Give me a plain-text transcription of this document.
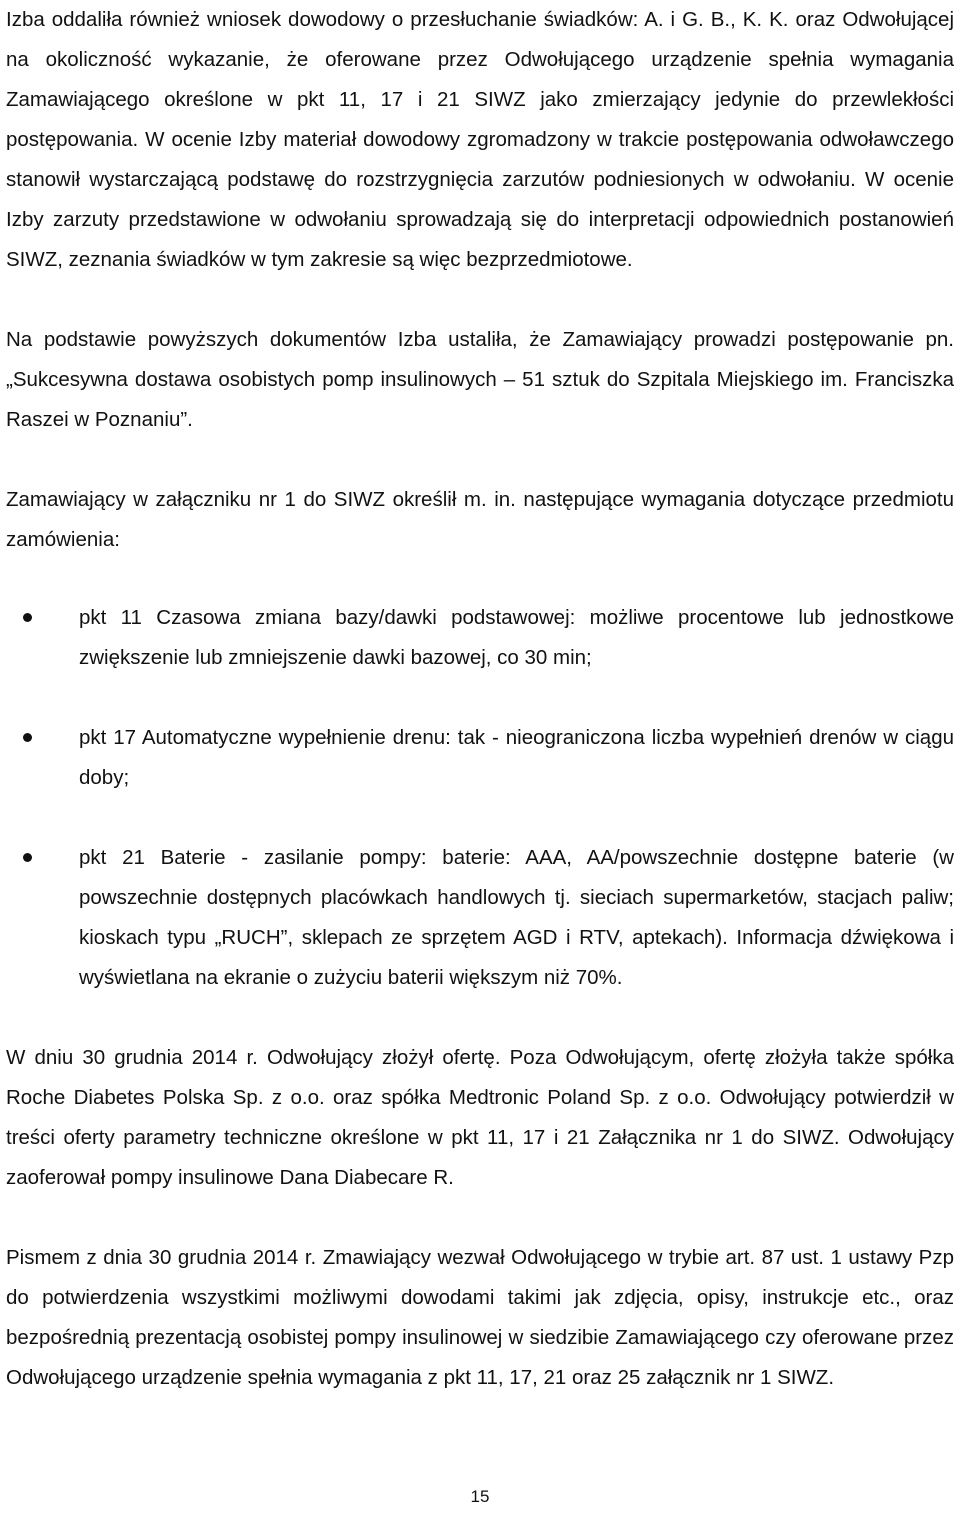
Izba oddaliła również wniosek dowodowy o przesłuchanie świadków: A. i G. B., K. K. oraz Odwołującej na okoliczność wykazanie, że oferowane przez Odwołującego urządzenie spełnia wymagania Zamawiającego określone w pkt 11, 17 i 21 SIWZ jako zmierzający jedynie do przewlekłości postępowania. W ocenie Izby materiał dowodowy zgromadzony w trakcie postępowania odwoławczego stanowił wystarczającą podstawę do rozstrzygnięcia zarzutów podniesionych w odwołaniu. W ocenie Izby zarzuty przedstawione w odwołaniu sprowadzają się do interpretacji odpowiednich postanowień SIWZ, zeznania świadków w tym zakresie są więc bezprzedmiotowe.

Na podstawie powyższych dokumentów Izba ustaliła, że Zamawiający prowadzi postępowanie pn. „Sukcesywna dostawa osobistych pomp insulinowych – 51 sztuk do Szpitala Miejskiego im. Franciszka Raszei w Poznaniu”.

Zamawiający w załączniku nr 1 do SIWZ określił m. in. następujące wymagania dotyczące przedmiotu zamówienia:

pkt 11 Czasowa zmiana bazy/dawki podstawowej: możliwe procentowe lub jednostkowe zwiększenie lub zmniejszenie dawki bazowej, co 30 min;
pkt 17 Automatyczne wypełnienie drenu: tak - nieograniczona liczba wypełnień drenów w ciągu doby;
pkt 21 Baterie - zasilanie pompy: baterie: AAA, AA/powszechnie dostępne baterie (w powszechnie dostępnych placówkach handlowych tj. sieciach supermarketów, stacjach paliw; kioskach typu „RUCH”, sklepach ze sprzętem AGD i RTV, aptekach). Informacja dźwiękowa i wyświetlana na ekranie o zużyciu baterii większym niż 70%.

W dniu 30 grudnia 2014 r. Odwołujący złożył ofertę. Poza Odwołującym, ofertę złożyła także spółka Roche Diabetes Polska Sp. z o.o. oraz spółka Medtronic Poland Sp. z o.o. Odwołujący potwierdził w treści oferty parametry techniczne określone w pkt 11, 17 i 21 Załącznika nr 1 do SIWZ. Odwołujący zaoferował pompy insulinowe Dana Diabecare R.

Pismem z dnia 30 grudnia 2014 r. Zmawiający wezwał Odwołującego w trybie art. 87 ust. 1 ustawy Pzp do potwierdzenia wszystkimi możliwymi dowodami takimi jak zdjęcia, opisy, instrukcje etc., oraz bezpośrednią prezentacją osobistej pompy insulinowej w siedzibie Zamawiającego czy oferowane przez Odwołującego urządzenie spełnia wymagania z pkt 11, 17, 21 oraz 25 załącznik nr 1 SIWZ.

15
